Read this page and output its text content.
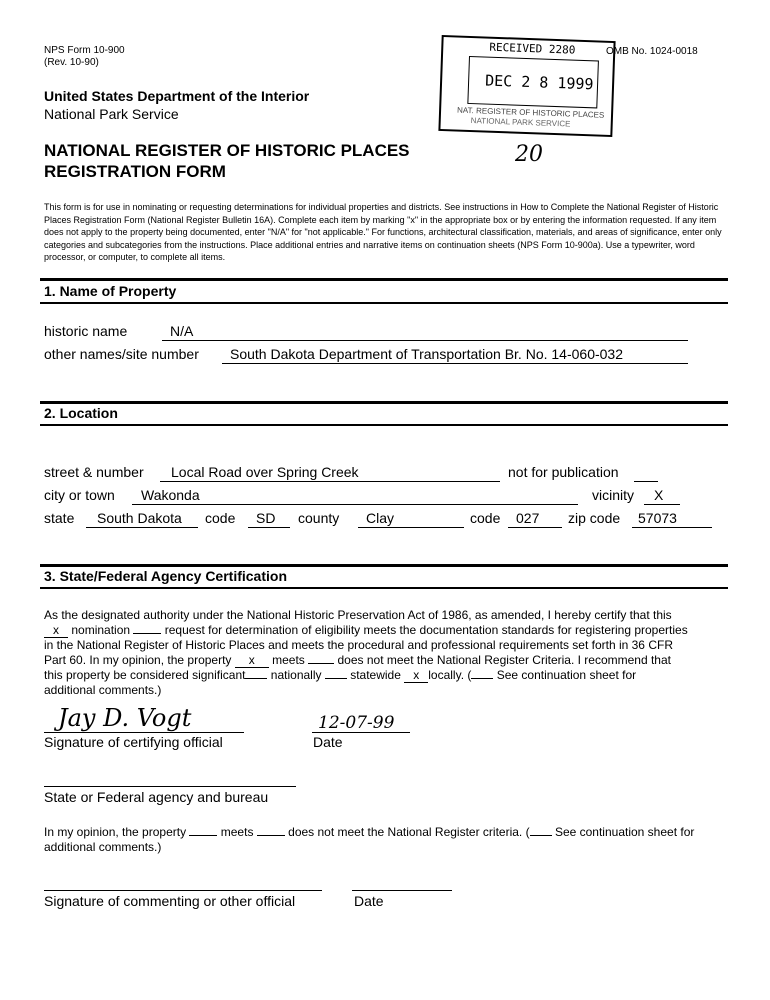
NPS Form 10-900
(Rev. 10-90)
OMB No. 1024-0018
United States Department of the Interior
National Park Service
NATIONAL REGISTER OF HISTORIC PLACES
REGISTRATION FORM
RECEIVED 2280
DEC 2 8 1999
NAT. REGISTER OF HISTORIC PLACES
NATIONAL PARK SERVICE
20
This form is for use in nominating or requesting determinations for individual properties and districts. See instructions in How to Complete the National Register of Historic Places Registration Form (National Register Bulletin 16A). Complete each item by marking "x" in the appropriate box or by entering the information requested. If any item does not apply to the property being documented, enter "N/A" for "not applicable." For functions, architectural classification, materials, and areas of significance, enter only categories and subcategories from the instructions. Place additional entries and narrative items on continuation sheets (NPS Form 10-900a). Use a typewriter, word processor, or computer, to complete all items.
1. Name of Property
historic name	N/A
other names/site number South Dakota Department of Transportation Br. No. 14-060-032
2. Location
street & number Local Road over Spring Creek	not for publication
city or town Wakonda	vicinity X
state South Dakota code SD county Clay	code 027 zip code 57073
3. State/Federal Agency Certification
As the designated authority under the National Historic Preservation Act of 1986, as amended, I hereby certify that this
x nomination	request for determination of eligibility meets the documentation standards for registering properties
in the National Register of Historic Places and meets the procedural and professional requirements set forth in 36 CFR
Part 60. In my opinion, the property x meets	does not meet the National Register Criteria. I recommend that
this property be considered significant nationally statewide x locally. ( See continuation sheet for
additional comments.)
Jay D. Vogt	12-07-99
Signature of certifying official	Date
State or Federal agency and bureau
In my opinion, the property	meets	does not meet the National Register criteria. ( See continuation sheet for
additional comments.)
Signature of commenting or other official	Date
